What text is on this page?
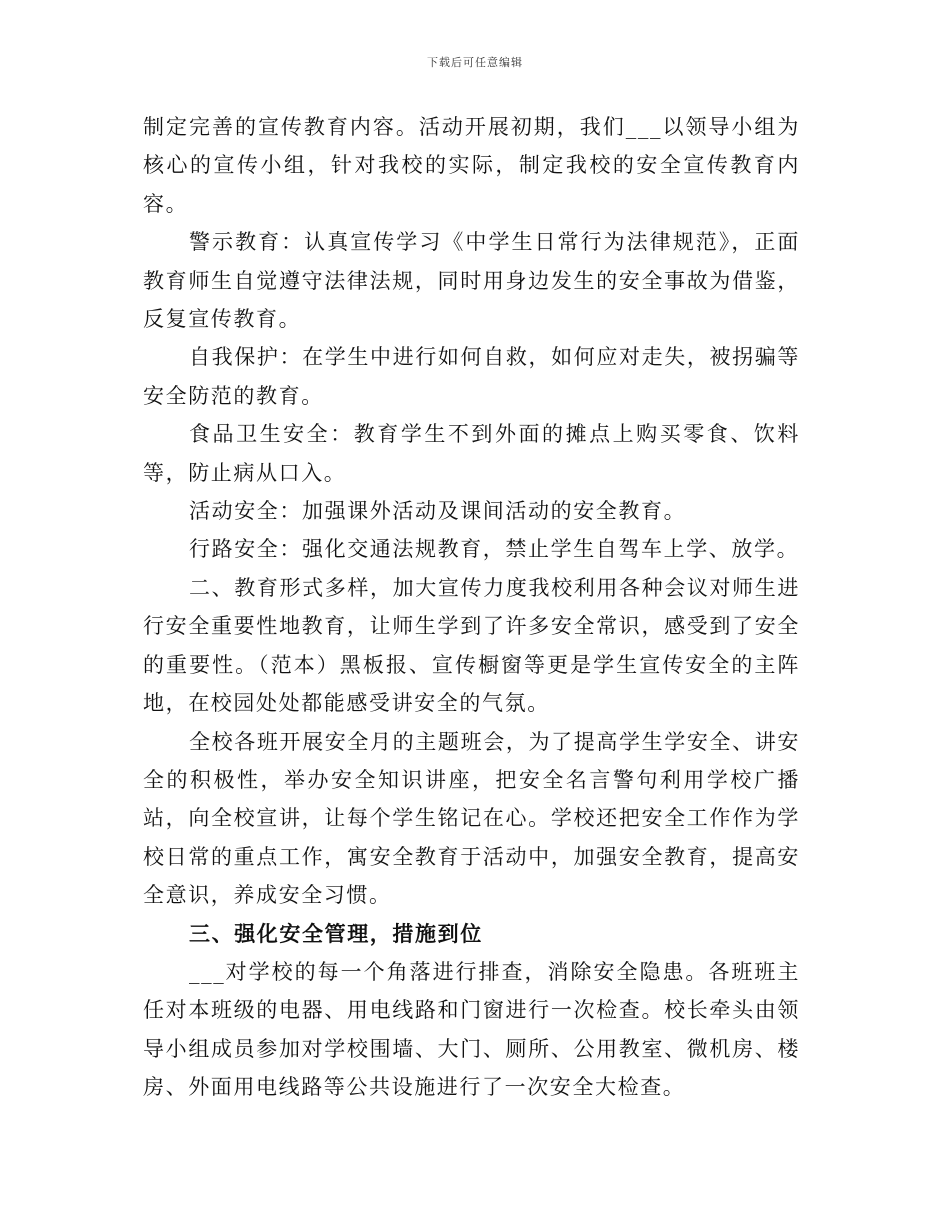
下载后可任意编辑

制定完善的宣传教育内容。活动开展初期，我们___以领导小组为核心的宣传小组，针对我校的实际，制定我校的安全宣传教育内容。

警示教育：认真宣传学习《中学生日常行为法律规范》，正面教育师生自觉遵守法律法规，同时用身边发生的安全事故为借鉴，反复宣传教育。

自我保护：在学生中进行如何自救，如何应对走失，被拐骗等安全防范的教育。

食品卫生安全：教育学生不到外面的摊点上购买零食、饮料等，防止病从口入。

活动安全：加强课外活动及课间活动的安全教育。

行路安全：强化交通法规教育，禁止学生自驾车上学、放学。

二、教育形式多样，加大宣传力度我校利用各种会议对师生进行安全重要性地教育，让师生学到了许多安全常识，感受到了安全的重要性。（范本）黑板报、宣传橱窗等更是学生宣传安全的主阵地，在校园处处都能感受讲安全的气氛。

全校各班开展安全月的主题班会，为了提高学生学安全、讲安全的积极性，举办安全知识讲座，把安全名言警句利用学校广播站，向全校宣讲，让每个学生铭记在心。学校还把安全工作作为学校日常的重点工作，寓安全教育于活动中，加强安全教育，提高安全意识，养成安全习惯。

三、强化安全管理，措施到位

___对学校的每一个角落进行排查，消除安全隐患。各班班主任对本班级的电器、用电线路和门窗进行一次检查。校长牵头由领导小组成员参加对学校围墙、大门、厕所、公用教室、微机房、楼房、外面用电线路等公共设施进行了一次安全大检查。
